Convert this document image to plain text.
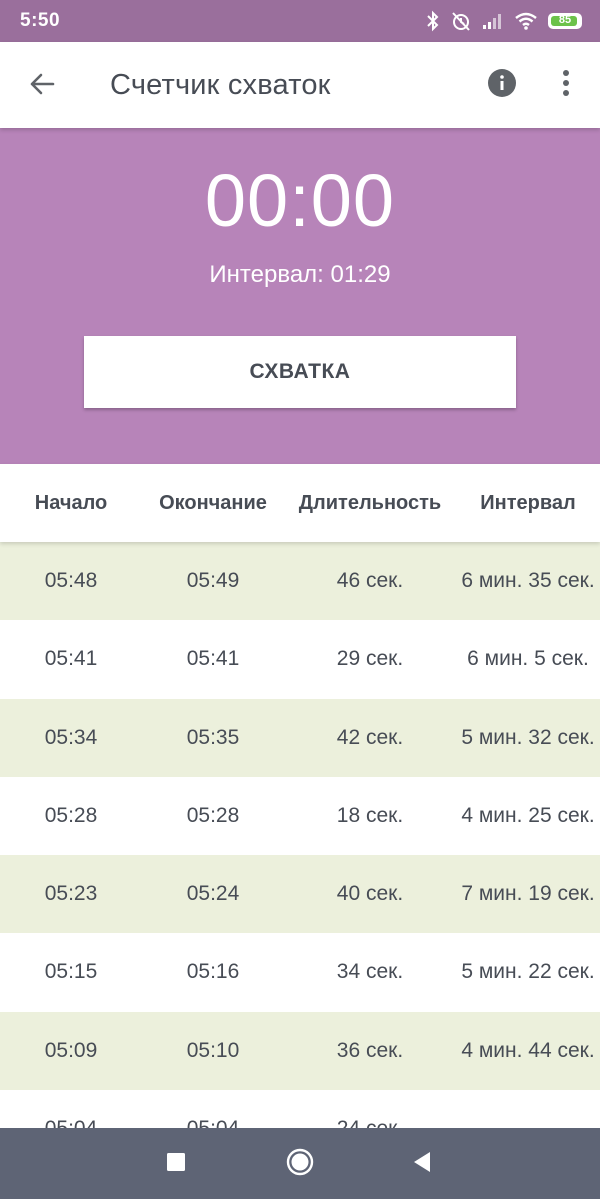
5:50	85
Счетчик схваток
00:00
Интервал: 01:29
СХВАТКА
Начало	Окончание	Длительность	Интервал
05:48	05:49	46 сек.	6 мин. 35 сек.
05:41	05:41	29 сек.	6 мин. 5 сек.
05:34	05:35	42 сек.	5 мин. 32 сек.
05:28	05:28	18 сек.	4 мин. 25 сек.
05:23	05:24	40 сек.	7 мин. 19 сек.
05:15	05:16	34 сек.	5 мин. 22 сек.
05:09	05:10	36 сек.	4 мин. 44 сек.
